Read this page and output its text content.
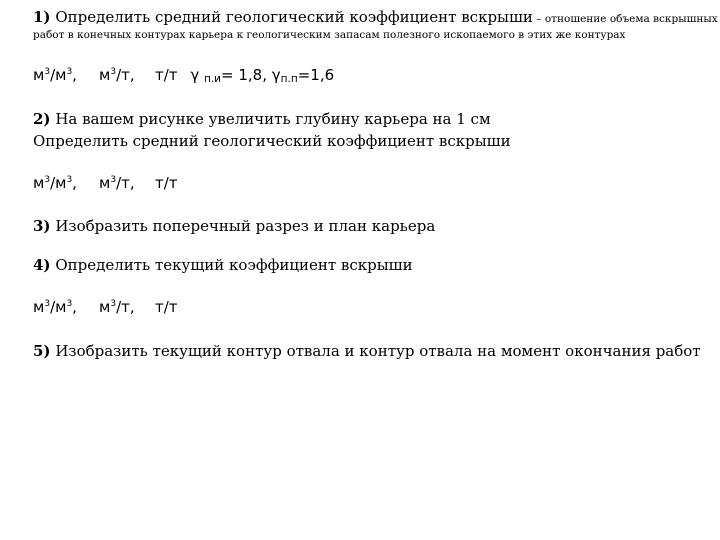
1) Определить средний геологический коэффициент вскрыши – отношение объема вскрышных
работ в конечных контурах карьера к геологическим запасам полезного ископаемого в этих же контурах
$м^3/м^3$, $м^3/т$, т/т γ $_{п.и}$= 1,8, $\gamma_{п.п}=1,6$
2) На вашем рисунке увеличить глубину карьера на 1 см
Определить средний геологический коэффициент вскрыши
$м^3/м^3$, $м^3/т$, т/т
3) Изобразить поперечный разрез и план карьера
4) Определить текущий коэффициент вскрыши
$м^3/м^3$, $м^3/т$, т/т
5) Изобразить текущий контур отвала и контур отвала на момент окончания работ
